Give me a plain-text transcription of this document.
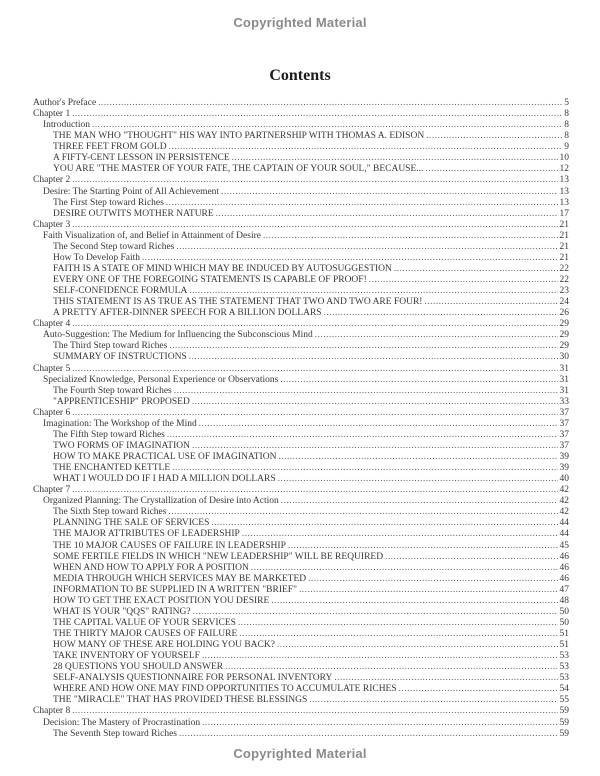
Copyrighted Material
Contents
Author's Preface .....	5
Chapter 1 .....	8
Introduction .....	8
THE MAN WHO "THOUGHT" HIS WAY INTO PARTNERSHIP WITH THOMAS A. EDISON .....	8
THREE FEET FROM GOLD .....	9
A FIFTY-CENT LESSON IN PERSISTENCE .....	10
YOU ARE "THE MASTER OF YOUR FATE, THE CAPTAIN OF YOUR SOUL," BECAUSE... .....	12
Chapter 2 .....	13
Desire: The Starting Point of All Achievement .....	13
The First Step toward Riches .....	13
DESIRE OUTWITS MOTHER NATURE .....	17
Chapter 3 .....	21
Faith Visualization of, and Belief in Attainment of Desire .....	21
The Second Step toward Riches .....	21
How To Develop Faith .....	21
FAITH IS A STATE OF MIND WHICH MAY BE INDUCED BY AUTOSUGGESTION .....	22
EVERY ONE OF THE FOREGOING STATEMENTS IS CAPABLE OF PROOF! .....	22
SELF-CONFIDENCE FORMULA .....	23
THIS STATEMENT IS AS TRUE AS THE STATEMENT THAT TWO AND TWO ARE FOUR! .....	24
A PRETTY AFTER-DINNER SPEECH FOR A BILLION DOLLARS .....	26
Chapter 4 .....	29
Auto-Suggestion: The Medium for Influencing the Subconscious Mind .....	29
The Third Step toward Riches .....	29
SUMMARY OF INSTRUCTIONS .....	30
Chapter 5 .....	31
Specialized Knowledge, Personal Experience or Observations .....	31
The Fourth Step toward Riches .....	31
"APPRENTICESHIP" PROPOSED .....	33
Chapter 6 .....	37
Imagination: The Workshop of the Mind .....	37
The Fifth Step toward Riches .....	37
TWO FORMS OF IMAGINATION .....	37
HOW TO MAKE PRACTICAL USE OF IMAGINATION .....	39
THE ENCHANTED KETTLE .....	39
WHAT I WOULD DO IF I HAD A MILLION DOLLARS .....	40
Chapter 7 .....	42
Organized Planning: The Crystallization of Desire into Action .....	42
The Sixth Step toward Riches .....	42
PLANNING THE SALE OF SERVICES .....	44
THE MAJOR ATTRIBUTES OF LEADERSHIP .....	44
THE 10 MAJOR CAUSES OF FAILURE IN LEADERSHIP .....	45
SOME FERTILE FIELDS IN WHICH "NEW LEADERSHIP" WILL BE REQUIRED .....	46
WHEN AND HOW TO APPLY FOR A POSITION .....	46
MEDIA THROUGH WHICH SERVICES MAY BE MARKETED .....	46
INFORMATION TO BE SUPPLIED IN A WRITTEN "BRIEF" .....	47
HOW TO GET THE EXACT POSITION YOU DESIRE .....	48
WHAT IS YOUR "QQS" RATING? .....	50
THE CAPITAL VALUE OF YOUR SERVICES .....	50
THE THIRTY MAJOR CAUSES OF FAILURE .....	51
HOW MANY OF THESE ARE HOLDING YOU BACK? .....	51
TAKE INVENTORY OF YOURSELF .....	53
28 QUESTIONS YOU SHOULD ANSWER .....	53
SELF-ANALYSIS QUESTIONNAIRE FOR PERSONAL INVENTORY .....	53
WHERE AND HOW ONE MAY FIND OPPORTUNITIES TO ACCUMULATE RICHES .....	54
THE "MIRACLE" THAT HAS PROVIDED THESE BLESSINGS .....	55
Chapter 8 .....	59
Decision: The Mastery of Procrastination .....	59
The Seventh Step toward Riches .....	59
Copyrighted Material
